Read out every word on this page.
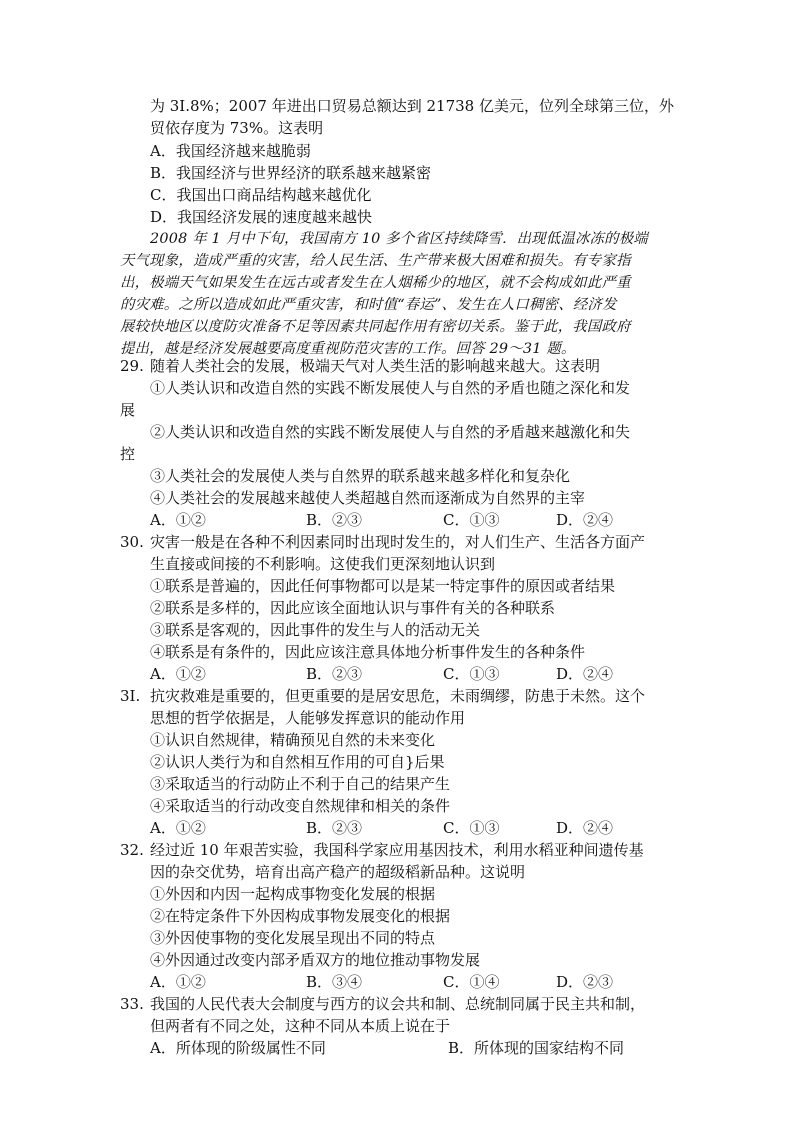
为 3I.8%；2007 年进出口贸易总额达到 21738 亿美元，位列全球第三位，外
贸依存度为 73%。这表明
A．我国经济越来越脆弱
B．我国经济与世界经济的联系越来越紧密
C．我国出口商品结构越来越优化
D．我国经济发展的速度越来越快
2008 年 1 月中下旬，我国南方 10 多个省区持续降雪．出现低温冰冻的极端
天气现象，造成严重的灾害，给人民生活、生产带来极大困难和损失。有专家指
出，极端天气如果发生在远古或者发生在人烟稀少的地区，就不会构成如此严重
的灾难。之所以造成如此严重灾害，和时值“春运”、发生在人口稠密、经济发
展较快地区以度防灾准备不足等因素共同起作用有密切关系。鉴于此，我国政府
提出，越是经济发展越要高度重视防范灾害的工作。回答 29～31 题。
29. 随着人类社会的发展，极端天气对人类生活的影响越来越大。这表明
①人类认识和改造自然的实践不断发展使人与自然的矛盾也随之深化和发
展
②人类认识和改造自然的实践不断发展使人与自然的矛盾越来越激化和失
控
③人类社会的发展使人类与自然界的联系越来越多样化和复杂化
④人类社会的发展越来越使人类超越自然而逐渐成为自然界的主宰
A．①②	B．②③	C．①③	D．②④
30. 灾害一般是在各种不利因素同时出现时发生的，对人们生产、生活各方面产
生直接或间接的不利影响。这使我们更深刻地认识到
①联系是普遍的，因此任何事物都可以是某一特定事件的原因或者结果
②联系是多样的，因此应该全面地认识与事件有关的各种联系
③联系是客观的，因此事件的发生与人的活动无关
④联系是有条件的，因此应该注意具体地分析事件发生的各种条件
A．①②	B．②③	C．①③	D．②④
3I. 抗灾救难是重要的，但更重要的是居安思危，未雨绸缪，防患于未然。这个
思想的哲学依据是，人能够发挥意识的能动作用
①认识自然规律，精确预见自然的未来变化
②认识人类行为和自然相互作用的可自}后果
③采取适当的行动防止不利于自己的结果产生
④采取适当的行动改变自然规律和相关的条件
A．①②	B．②③	C．①③	D．②④
32. 经过近 10 年艰苦实验，我国科学家应用基因技术，利用水稻亚种间遗传基
因的杂交优势，培育出高产稳产的超级稻新品种。这说明
①外因和内因一起构成事物变化发展的根据
②在特定条件下外因构成事物发展变化的根据
③外因使事物的变化发展呈现出不同的特点
④外因通过改变内部矛盾双方的地位推动事物发展
A．①②	B．③④	C．①④	D．②③
33. 我国的人民代表大会制度与西方的议会共和制、总统制同属于民主共和制，
但两者有不同之处，这种不同从本质上说在于
A．所体现的阶级属性不同	B．所体现的国家结构不同
